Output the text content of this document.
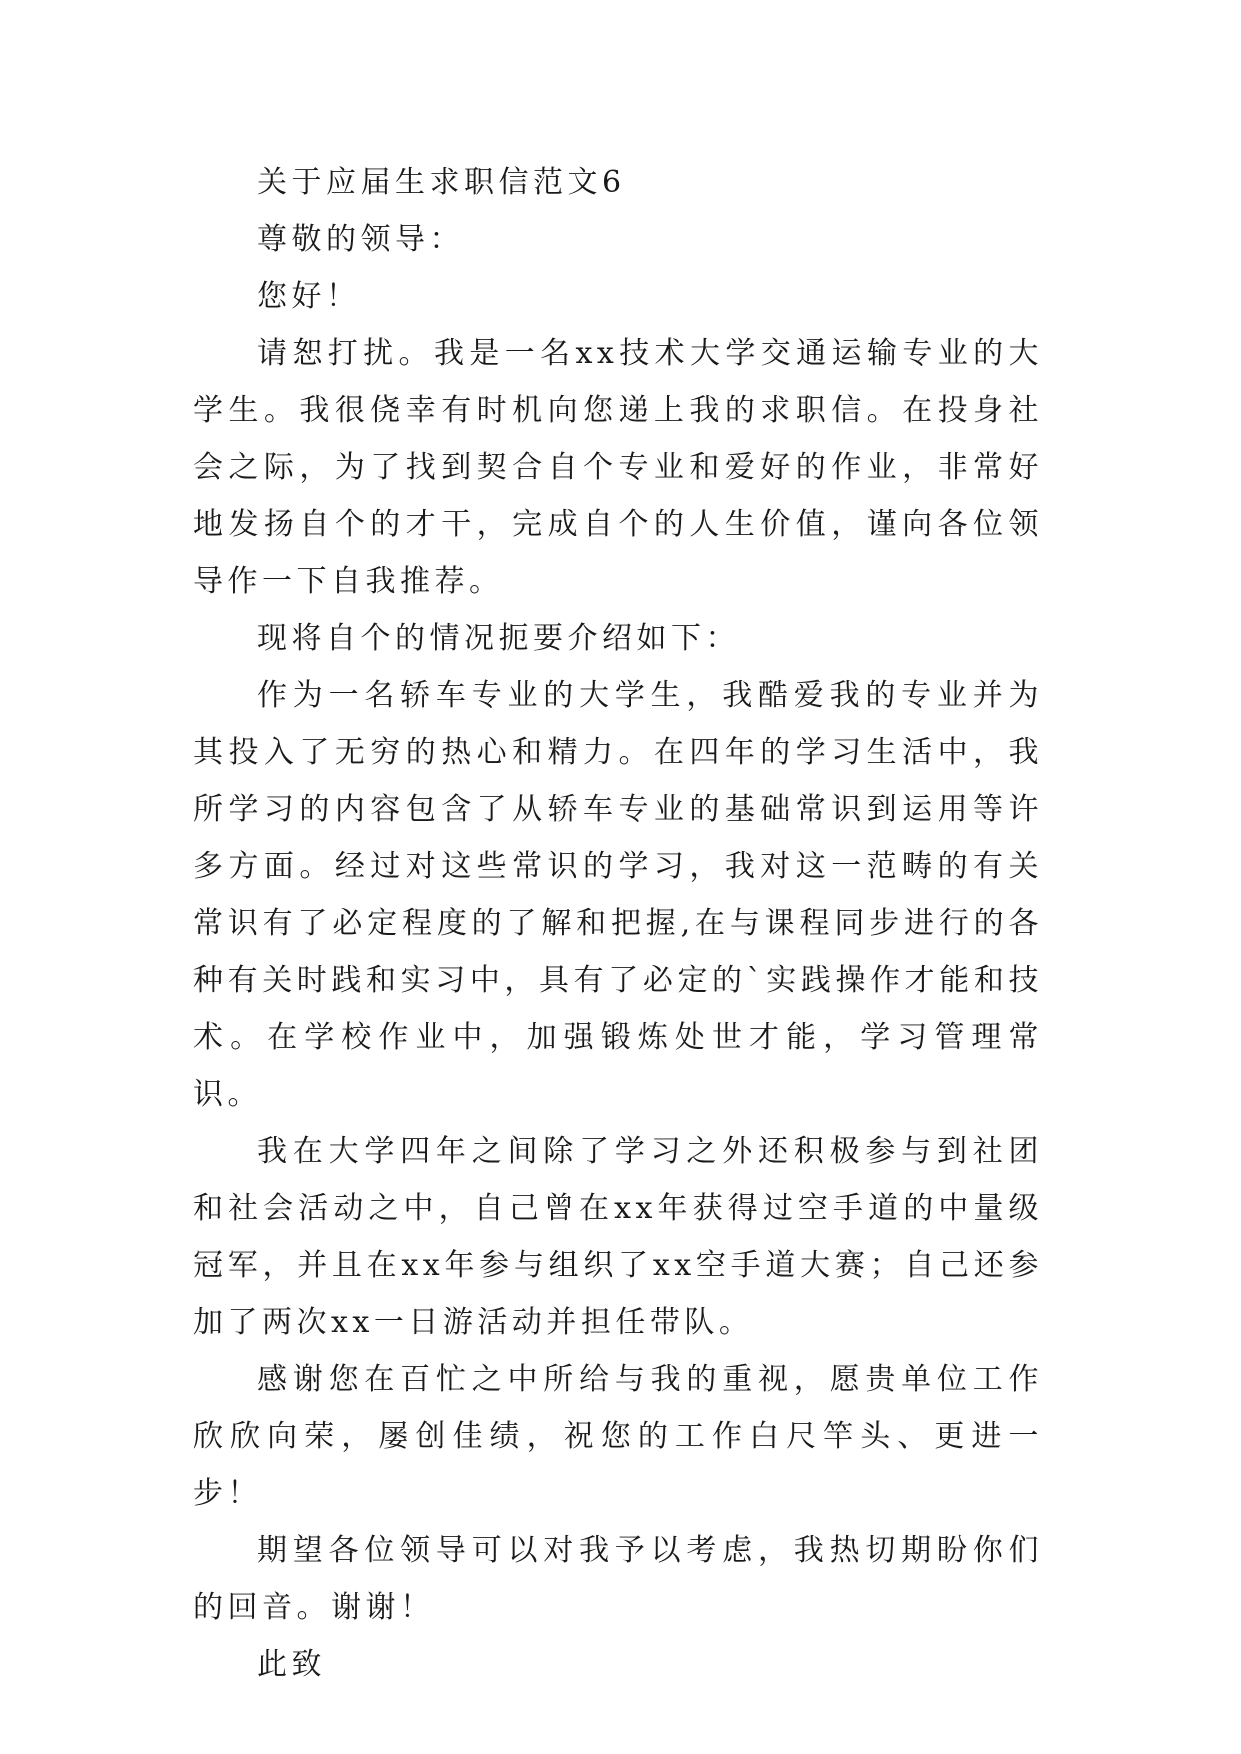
关于应届生求职信范文6

尊敬的领导：

您好！

请恕打扰。我是一名xx技术大学交通运输专业的大学生。我很侥幸有时机向您递上我的求职信。在投身社会之际，为了找到契合自个专业和爱好的作业，非常好地发扬自个的才干，完成自个的人生价值，谨向各位领导作一下自我推荐。

现将自个的情况扼要介绍如下：

作为一名轿车专业的大学生，我酷爱我的专业并为其投入了无穷的热心和精力。在四年的学习生活中，我所学习的内容包含了从轿车专业的基础常识到运用等许多方面。经过对这些常识的学习，我对这一范畴的有关常识有了必定程度的了解和把握,在与课程同步进行的各种有关时践和实习中，具有了必定的`实践操作才能和技术。在学校作业中，加强锻炼处世才能，学习管理常识。

我在大学四年之间除了学习之外还积极参与到社团和社会活动之中，自己曾在xx年获得过空手道的中量级冠军，并且在xx年参与组织了xx空手道大赛；自己还参加了两次xx一日游活动并担任带队。

感谢您在百忙之中所给与我的重视，愿贵单位工作欣欣向荣，屡创佳绩，祝您的工作白尺竿头、更进一步！

期望各位领导可以对我予以考虑，我热切期盼你们的回音。谢谢！

此致
